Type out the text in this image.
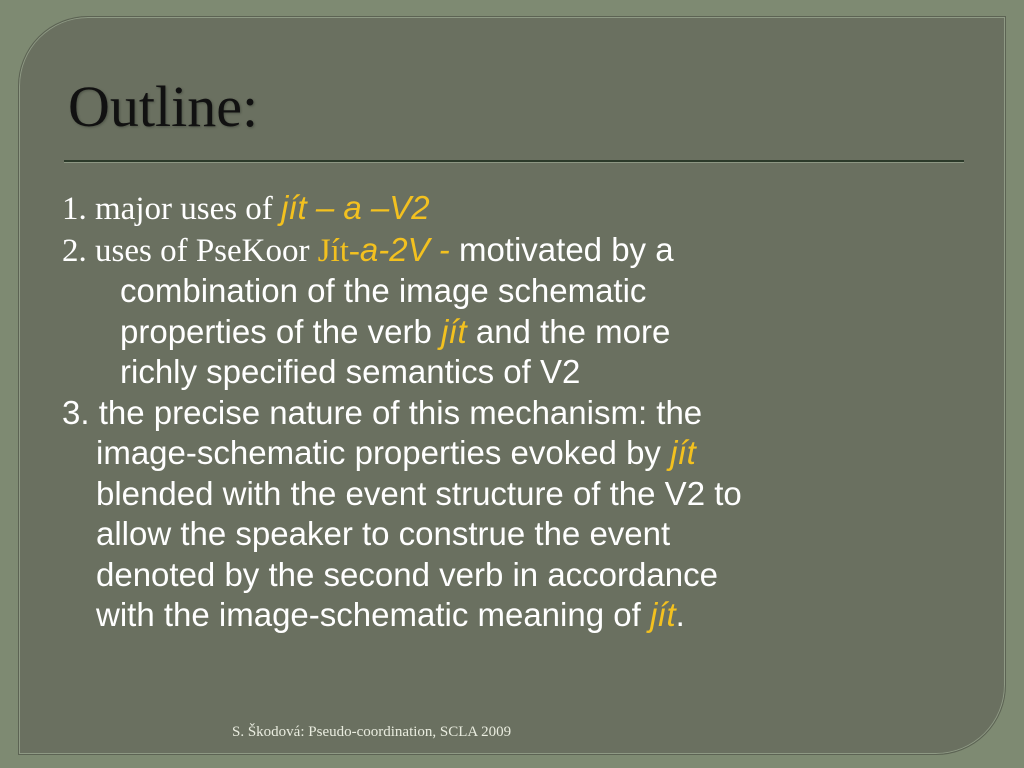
Outline:
1. major uses of jít – a –V2
2. uses of PseKoor Jít-a-2V - motivated by a
combination of the image schematic
properties of the verb jít and the more
richly specified semantics of V2
3. the precise nature of this mechanism: the
image-schematic properties evoked by jít
blended with the event structure of the V2 to
allow the speaker to construe the event
denoted by the second verb in accordance
with the image-schematic meaning of jít.
S. Škodová: Pseudo-coordination, SCLA 2009
